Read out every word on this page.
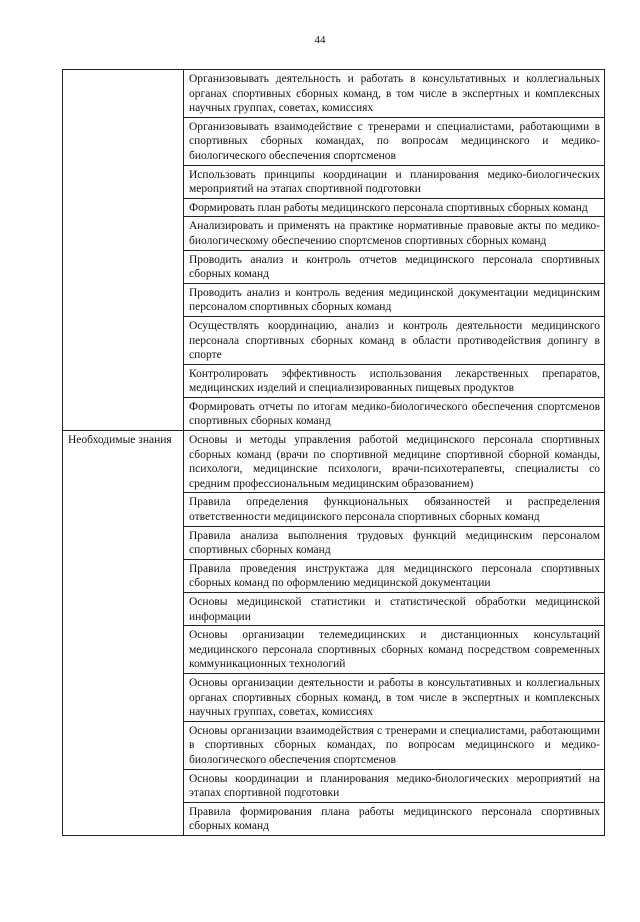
44
	Организовывать деятельность и работать в консультативных и коллегиальных органах спортивных сборных команд, в том числе в экспертных и комплексных научных группах, советах, комиссиях
	Организовывать взаимодействие с тренерами и специалистами, работающими в спортивных сборных командах, по вопросам медицинского и медико-биологического обеспечения спортсменов
	Использовать принципы координации и планирования медико-биологических мероприятий на этапах спортивной подготовки
	Формировать план работы медицинского персонала спортивных сборных команд
	Анализировать и применять на практике нормативные правовые акты по медико-биологическому обеспечению спортсменов спортивных сборных команд
	Проводить анализ и контроль отчетов медицинского персонала спортивных сборных команд
	Проводить анализ и контроль ведения медицинской документации медицинским персоналом спортивных сборных команд
	Осуществлять координацию, анализ и контроль деятельности медицинского персонала спортивных сборных команд в области противодействия допингу в спорте
	Контролировать эффективность использования лекарственных препаратов, медицинских изделий и специализированных пищевых продуктов
	Формировать отчеты по итогам медико-биологического обеспечения спортсменов спортивных сборных команд
Необходимые знания	Основы и методы управления работой медицинского персонала спортивных сборных команд (врачи по спортивной медицине спортивной сборной команды, психологи, медицинские психологи, врачи-психотерапевты, специалисты со средним профессиональным медицинским образованием)
	Правила определения функциональных обязанностей и распределения ответственности медицинского персонала спортивных сборных команд
	Правила анализа выполнения трудовых функций медицинским персоналом спортивных сборных команд
	Правила проведения инструктажа для медицинского персонала спортивных сборных команд по оформлению медицинской документации
	Основы медицинской статистики и статистической обработки медицинской информации
	Основы организации телемедицинских и дистанционных консультаций медицинского персонала спортивных сборных команд посредством современных коммуникационных технологий
	Основы организации деятельности и работы в консультативных и коллегиальных органах спортивных сборных команд, в том числе в экспертных и комплексных научных группах, советах, комиссиях
	Основы организации взаимодействия с тренерами и специалистами, работающими в спортивных сборных командах, по вопросам медицинского и медико-биологического обеспечения спортсменов
	Основы координации и планирования медико-биологических мероприятий на этапах спортивной подготовки
	Правила формирования плана работы медицинского персонала спортивных сборных команд
